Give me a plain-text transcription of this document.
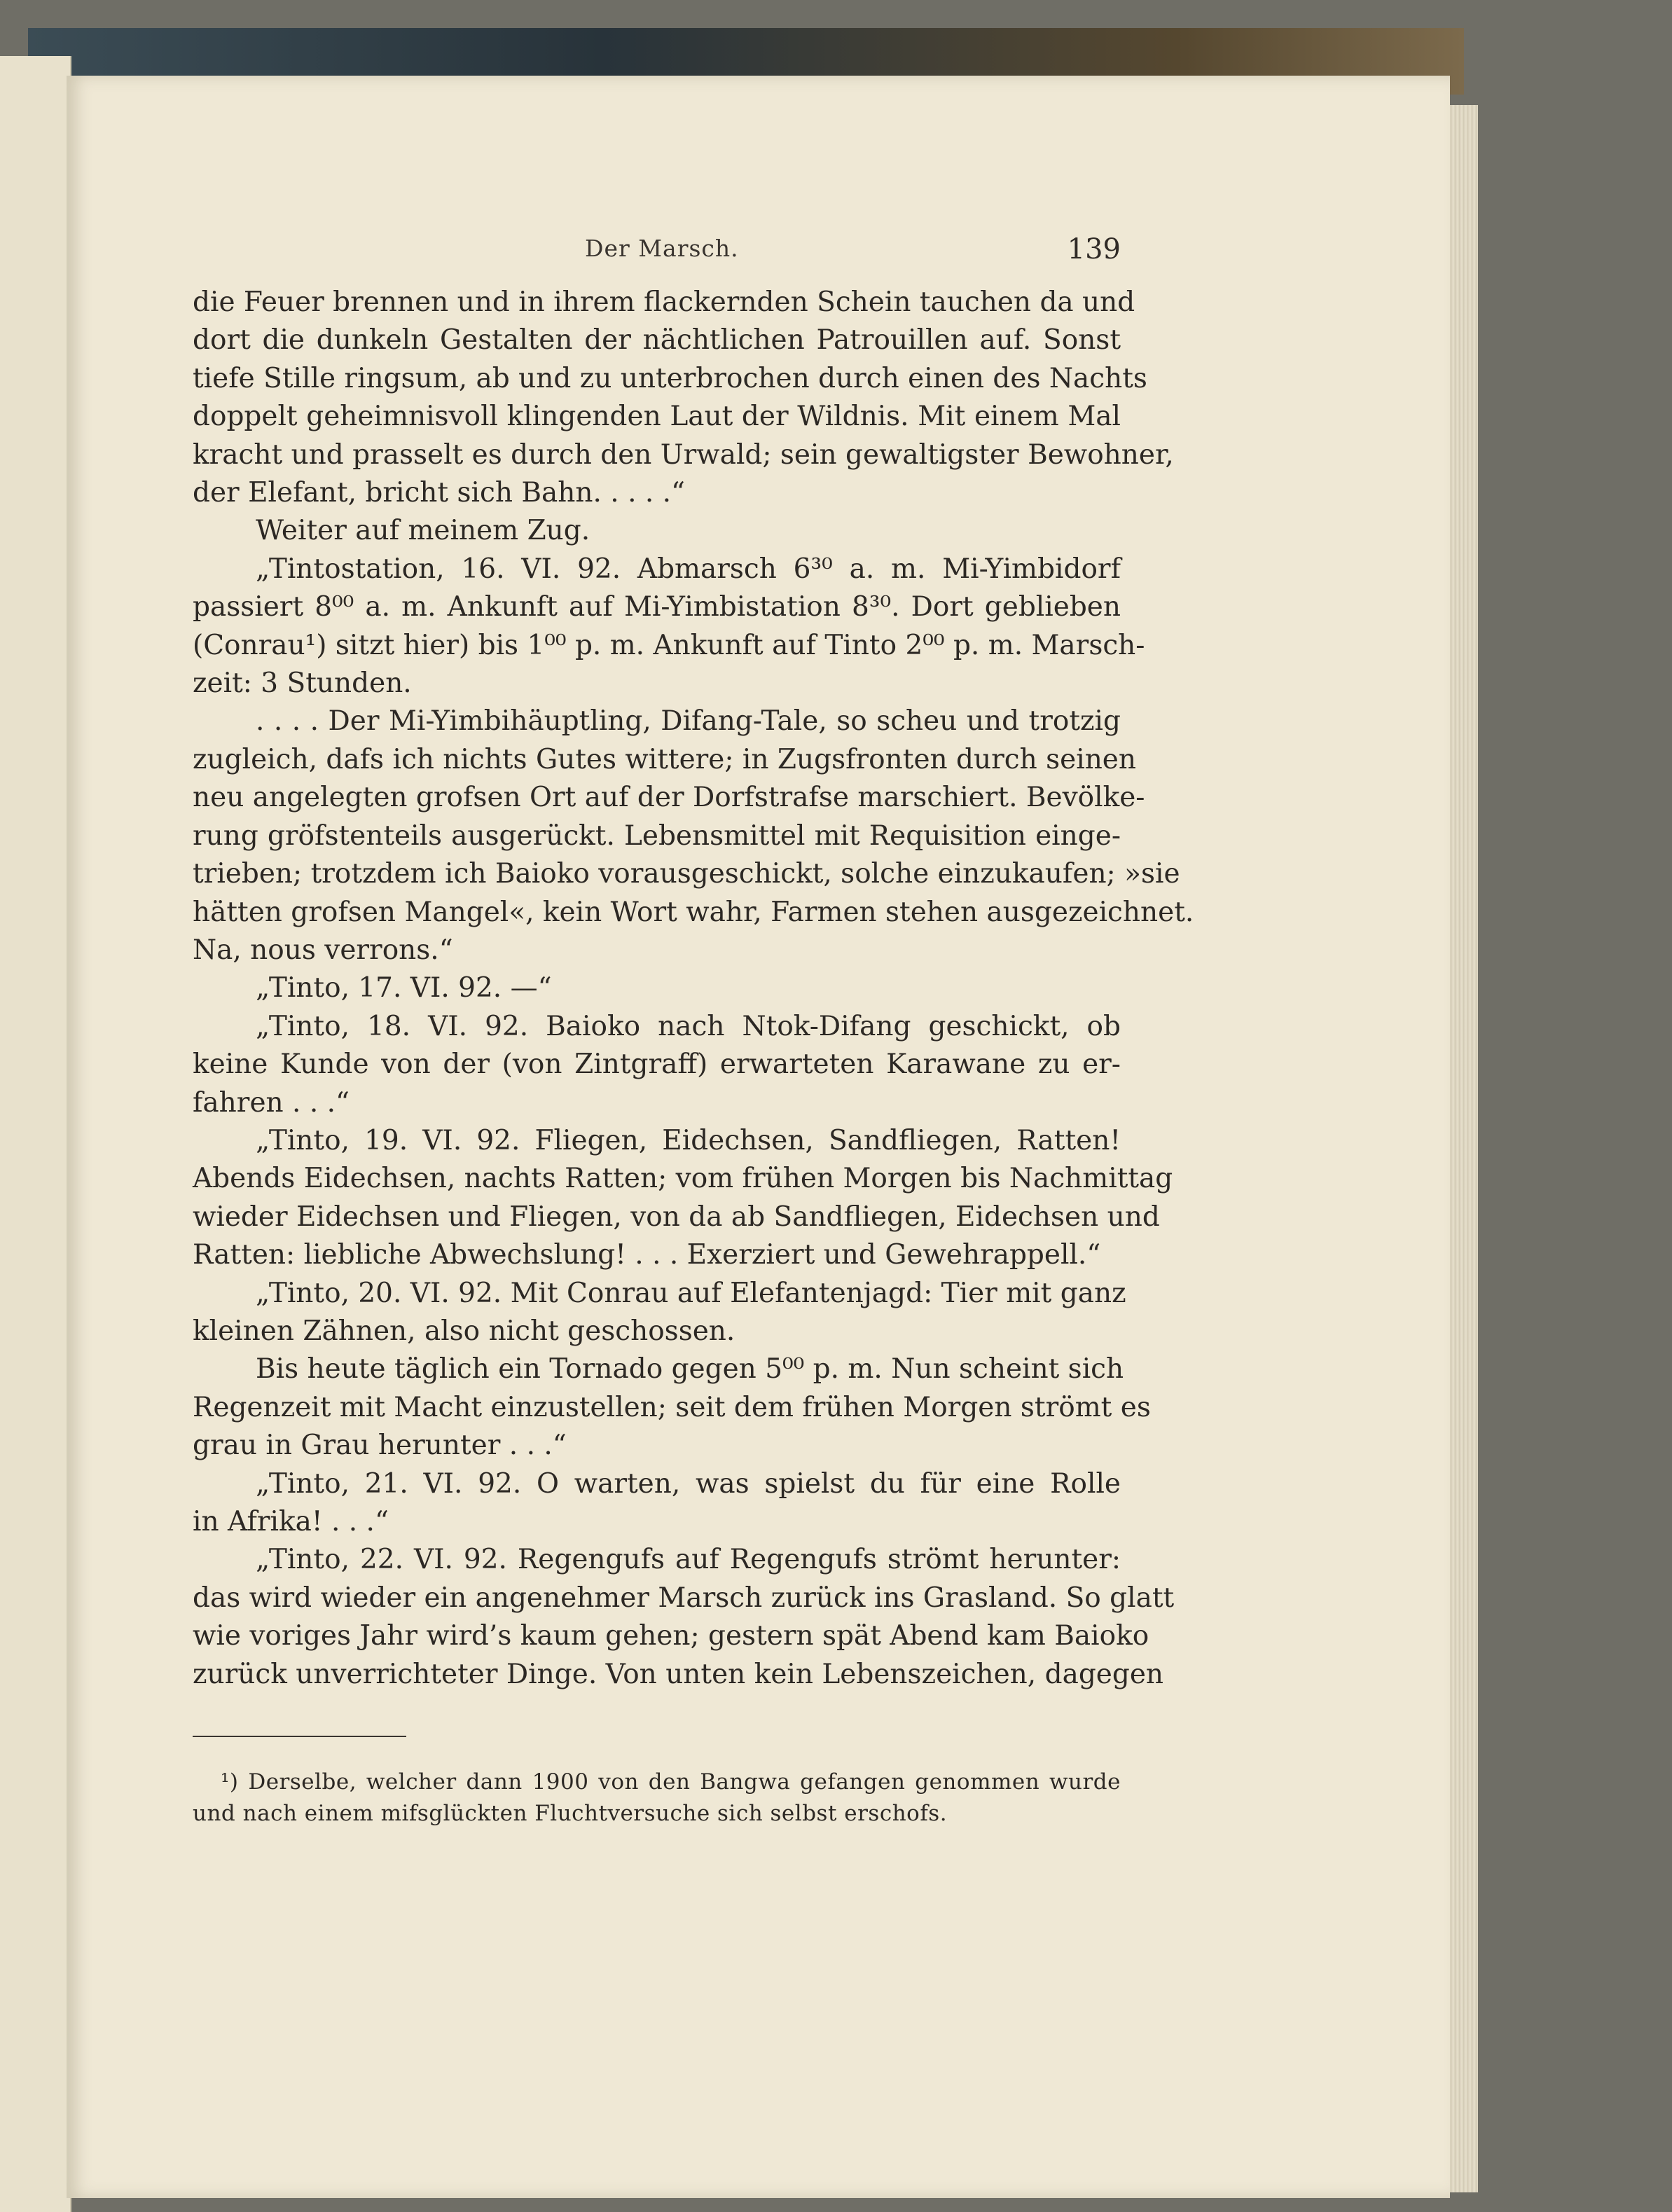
Der Marsch.	139

die Feuer brennen und in ihrem flackernden Schein tauchen da und
dort die dunkeln Gestalten der nächtlichen Patrouillen auf. Sonst
tiefe Stille ringsum, ab und zu unterbrochen durch einen des Nachts
doppelt geheimnisvoll klingenden Laut der Wildnis. Mit einem Mal
kracht und prasselt es durch den Urwald; sein gewaltigster Bewohner,
der Elefant, bricht sich Bahn. . . . .“

Weiter auf meinem Zug.

„Tintostation, 16. VI. 92. Abmarsch 6³⁰ a. m. Mi-Yimbidorf
passiert 8⁰⁰ a. m. Ankunft auf Mi-Yimbistation 8³⁰. Dort geblieben
(Conrau¹) sitzt hier) bis 1⁰⁰ p. m. Ankunft auf Tinto 2⁰⁰ p. m. Marsch-
zeit: 3 Stunden.

. . . . Der Mi-Yimbihäuptling, Difang-Tale, so scheu und trotzig
zugleich, dafs ich nichts Gutes wittere; in Zugsfronten durch seinen
neu angelegten grofsen Ort auf der Dorfstrafse marschiert. Bevölke-
rung gröfstenteils ausgerückt. Lebensmittel mit Requisition einge-
trieben; trotzdem ich Baioko vorausgeschickt, solche einzukaufen; »sie
hätten grofsen Mangel«, kein Wort wahr, Farmen stehen ausgezeichnet.
Na, nous verrons.“

„Tinto, 17. VI. 92. —“

„Tinto, 18. VI. 92. Baioko nach Ntok-Difang geschickt, ob
keine Kunde von der (von Zintgraff) erwarteten Karawane zu er-
fahren . . .“

„Tinto, 19. VI. 92. Fliegen, Eidechsen, Sandfliegen, Ratten!
Abends Eidechsen, nachts Ratten; vom frühen Morgen bis Nachmittag
wieder Eidechsen und Fliegen, von da ab Sandfliegen, Eidechsen und
Ratten: liebliche Abwechslung! . . . Exerziert und Gewehrappell.“

„Tinto, 20. VI. 92. Mit Conrau auf Elefantenjagd: Tier mit ganz
kleinen Zähnen, also nicht geschossen.

Bis heute täglich ein Tornado gegen 5⁰⁰ p. m. Nun scheint sich
Regenzeit mit Macht einzustellen; seit dem frühen Morgen strömt es
grau in Grau herunter . . .“

„Tinto, 21. VI. 92. O warten, was spielst du für eine Rolle
in Afrika! . . .“

„Tinto, 22. VI. 92. Regengufs auf Regengufs strömt herunter:
das wird wieder ein angenehmer Marsch zurück ins Grasland. So glatt
wie voriges Jahr wird’s kaum gehen; gestern spät Abend kam Baioko
zurück unverrichteter Dinge. Von unten kein Lebenszeichen, dagegen

¹) Derselbe, welcher dann 1900 von den Bangwa gefangen genommen wurde
und nach einem mifsglückten Fluchtversuche sich selbst erschofs.
